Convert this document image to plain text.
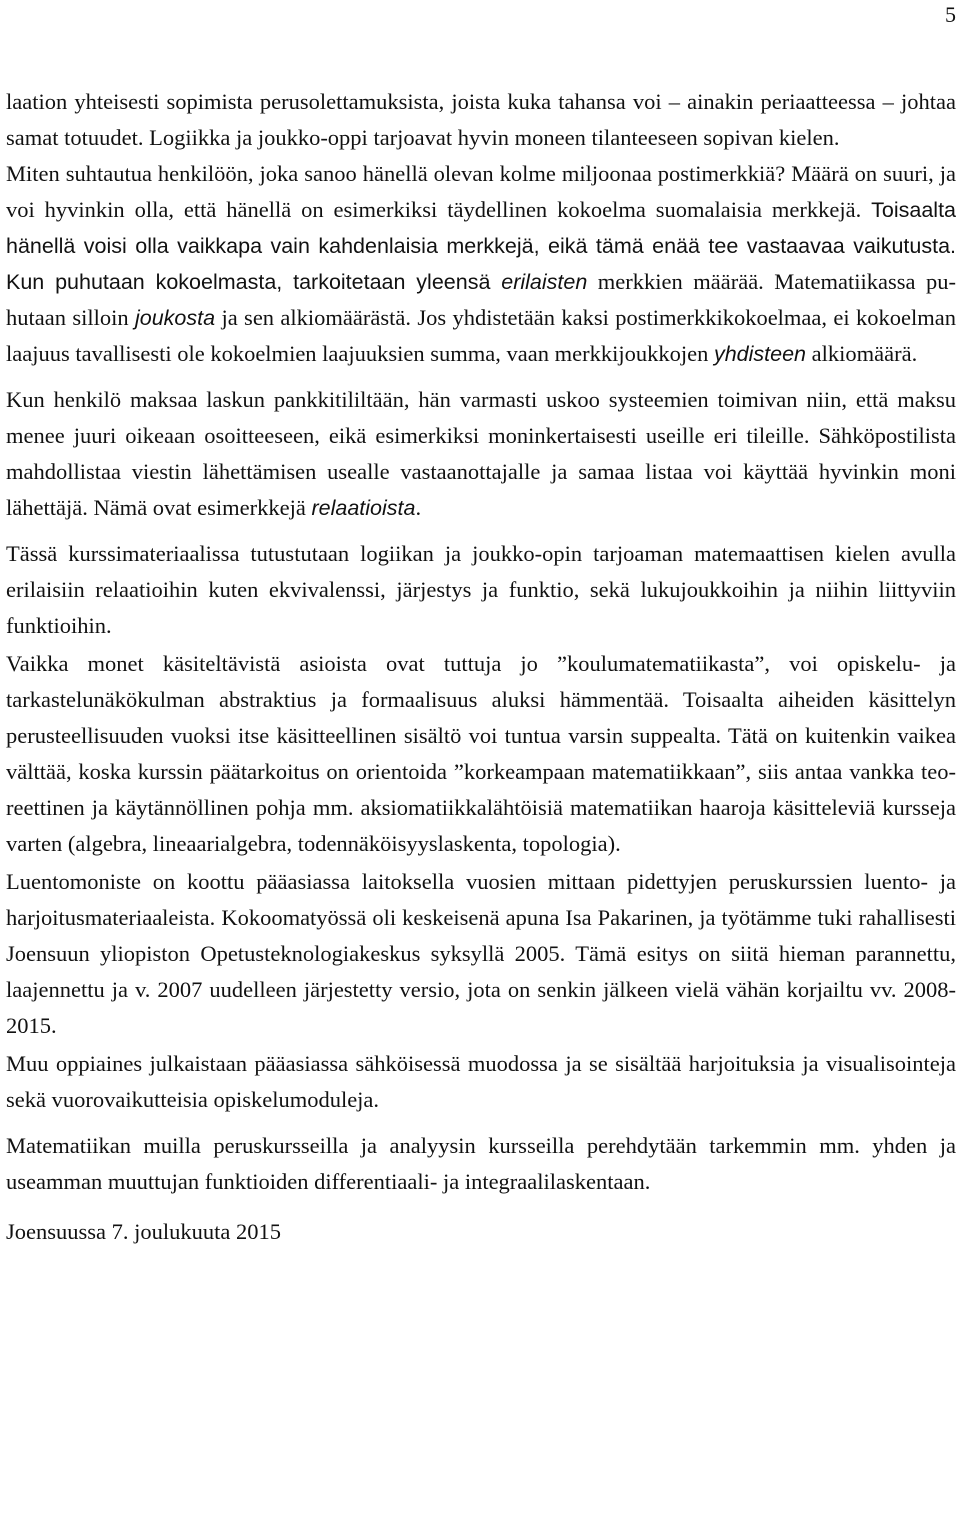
5

laation yhteisesti sopimista perusolettamuksista, joista kuka tahansa voi – ainakin periaatteessa – johtaa samat totuudet. Logiikka ja joukko-oppi tarjoavat hyvin moneen tilanteeseen sopivan kielen.

Miten suhtautua henkilöön, joka sanoo hänellä olevan kolme miljoonaa postimerkkiä? Määrä on suuri, ja voi hyvinkin olla, että hänellä on esimerkiksi täydellinen kokoelma suomalaisia merkkejä. Toisaalta hänellä voisi olla vaikkapa vain kahdenlaisia merkkejä, eikä tämä enää tee vastaavaa vaikutusta. Kun puhutaan kokoelmasta, tarkoitetaan yleensä erilaisten merkkien määrää. Matematiikassa puhutaan silloin joukosta ja sen alkiomäärästä. Jos yhdistetään kaksi postimerkkikokoelmaa, ei kokoelman laajuus tavallisesti ole kokoelmien laajuuksien summa, vaan merkkijoukkojen yhdisteen alkiomäärä.

Kun henkilö maksaa laskun pankkitililtään, hän varmasti uskoo systeemien toimivan niin, että maksu menee juuri oikeaan osoitteeseen, eikä esimerkiksi moninkertaisesti useille eri tileille. Sähköpostilista mahdollistaa viestin lähettämisen usealle vastaanottajalle ja samaa listaa voi käyttää hyvinkin moni lähettäjä. Nämä ovat esimerkkejä relaatioista.

Tässä kurssimateriaalissa tutustutaan logiikan ja joukko-opin tarjoaman matemaattisen kielen avulla erilaisiin relaatioihin kuten ekvivalenssi, järjestys ja funktio, sekä lukujoukkoihin ja niihin liittyviin funktioihin.

Vaikka monet käsiteltävistä asioista ovat tuttuja jo ”koulumatematiikasta”, voi opiskelu- ja tarkastelunäkökulman abstraktius ja formaalisuus aluksi hämmentää. Toisaalta aiheiden käsittelyn perusteellisuuden vuoksi itse käsitteellinen sisältö voi tuntua varsin suppealta. Tätä on kuitenkin vaikea välttää, koska kurssin päätarkoitus on orientoida ”korkeampaan matematiikkaan”, siis antaa vankka teoreettinen ja käytännöllinen pohja mm. aksiomatiikkalähtöisiä matematiikan haaroja käsitteleviä kursseja varten (algebra, lineaarialgebra, todennäköisyyslaskenta, topologia).

Luentomoniste on koottu pääasiassa laitoksella vuosien mittaan pidettyjen peruskurssien luento- ja harjoitusmateriaaleista. Kokoomatyössä oli keskeisenä apuna Isa Pakarinen, ja työtämme tuki rahallisesti Joensuun yliopiston Opetusteknologiakeskus syksyllä 2005. Tämä esitys on siitä hieman parannettu, laajennettu ja v. 2007 uudelleen järjestetty versio, jota on senkin jälkeen vielä vähän korjailtu vv. 2008-2015.

Muu oppiaines julkaistaan pääasiassa sähköisessä muodossa ja se sisältää harjoituksia ja visualisointeja sekä vuorovaikutteisia opiskelumoduleja.

Matematiikan muilla peruskursseilla ja analyysin kursseilla perehdytään tarkemmin mm. yhden ja useamman muuttujan funktioiden differentiaali- ja integraalilaskentaan.

Joensuussa 7. joulukuuta 2015
